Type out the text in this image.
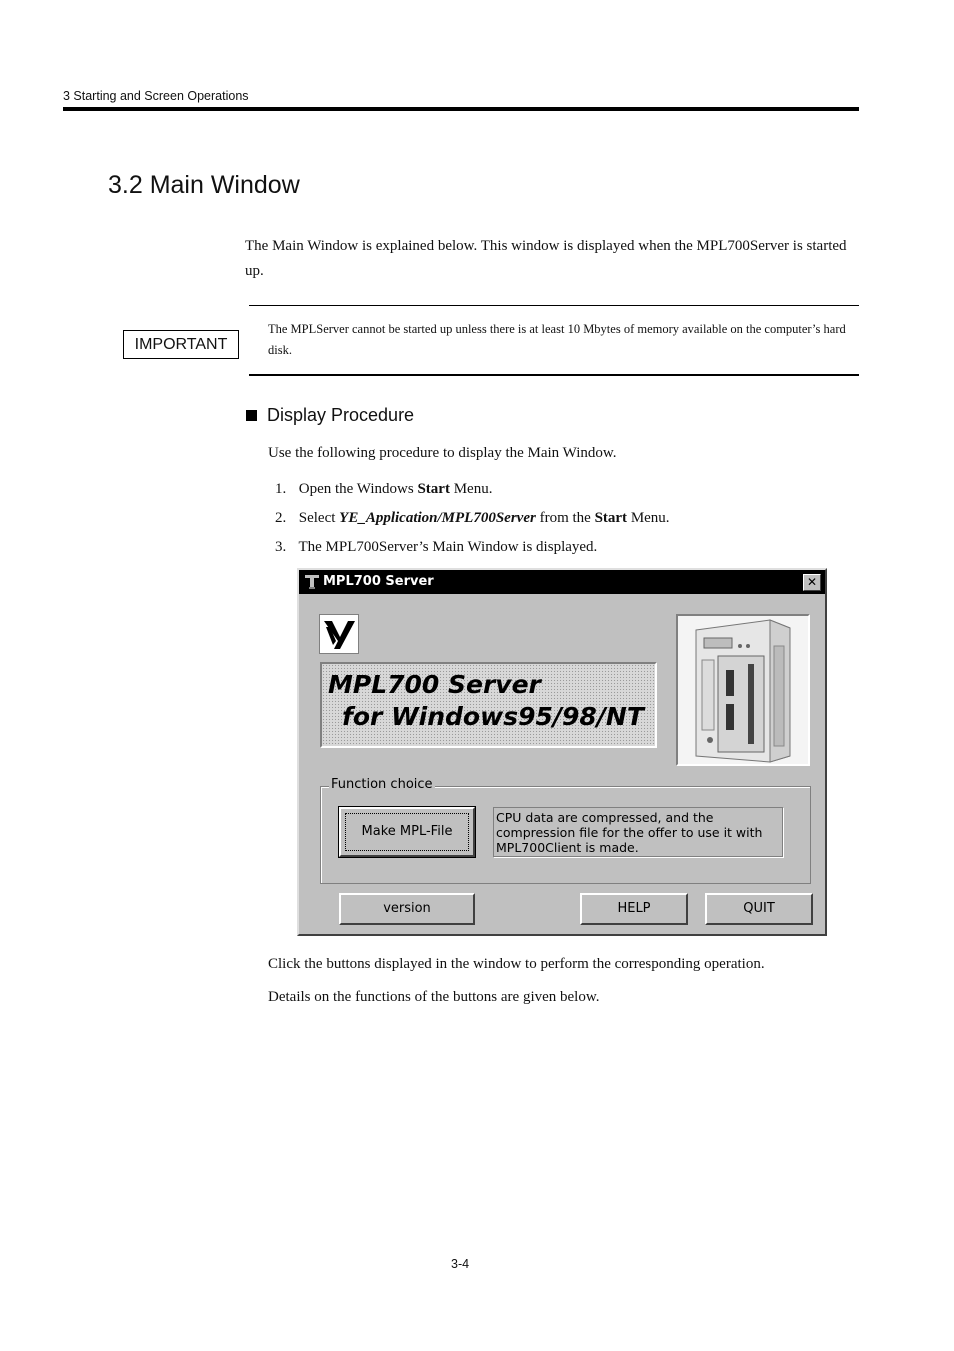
3 Starting and Screen Operations
3.2 Main Window
The Main Window is explained below. This window is displayed when the MPL700Server is started up.
IMPORTANT
The MPLServer cannot be started up unless there is at least 10 Mbytes of memory available on the computer’s hard disk.
Display Procedure
Use the following procedure to display the Main Window.
1. Open the Windows Start Menu.
2. Select YE_Application/MPL700Server from the Start Menu.
3. The MPL700Server’s Main Window is displayed.
MPL700 Server	✕
MPL700 Server
for Windows95/98/NT
Function choice
Make MPL-File
CPU data are compressed, and the compression file for the offer to use it with MPL700Client is made.
version	HELP	QUIT
Click the buttons displayed in the window to perform the corresponding operation.
Details on the functions of the buttons are given below.
3-4
